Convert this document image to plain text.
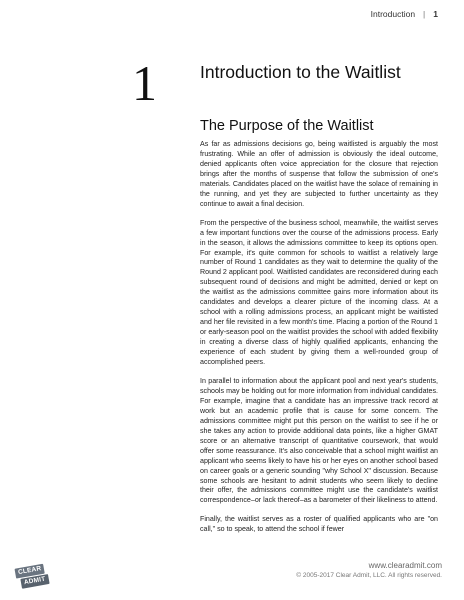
Introduction | 1
1 Introduction to the Waitlist
The Purpose of the Waitlist

As far as admissions decisions go, being waitlisted is arguably the most frustrating. While an offer of admission is obviously the ideal outcome, denied applicants often voice appreciation for the closure that rejection brings after the months of suspense that follow the submission of one's materials. Candidates placed on the waitlist have the solace of remaining in the running, and yet they are subjected to further uncertainty as they continue to await a final decision.

From the perspective of the business school, meanwhile, the waitlist serves a few important functions over the course of the admissions process. Early in the season, it allows the admissions committee to keep its options open. For example, it's quite common for schools to waitlist a relatively large number of Round 1 candidates as they wait to determine the quality of the Round 2 applicant pool. Waitlisted candidates are reconsidered during each subsequent round of decisions and might be admitted, denied or kept on the waitlist as the admissions committee gains more information about its candidates and develops a clearer picture of the incoming class. At a school with a rolling admissions process, an applicant might be waitlisted and her file revisited in a few month's time. Placing a portion of the Round 1 or early-season pool on the waitlist provides the school with added flexibility in creating a diverse class of highly qualified applicants, enhancing the experience of each student by giving them a well-rounded group of accomplished peers.

In parallel to information about the applicant pool and next year's students, schools may be holding out for more information from individual candidates. For example, imagine that a candidate has an impressive track record at work but an academic profile that is cause for some concern. The admissions committee might put this person on the waitlist to see if he or she takes any action to provide additional data points, like a higher GMAT score or an alternative transcript of quantitative coursework, that would offer some reassurance. It's also conceivable that a school might waitlist an applicant who seems likely to have his or her eyes on another school based on career goals or a generic sounding "why School X" discussion. Because some schools are hesitant to admit students who seem likely to decline their offer, the admissions committee might use the candidate's waitlist correspondence–or lack thereof–as a barometer of their likeliness to attend.

Finally, the waitlist serves as a roster of qualified applicants who are "on call," so to speak, to attend the school if fewer

CLEAR
ADMIT
www.clearadmit.com
© 2005-2017 Clear Admit, LLC. All rights reserved.
